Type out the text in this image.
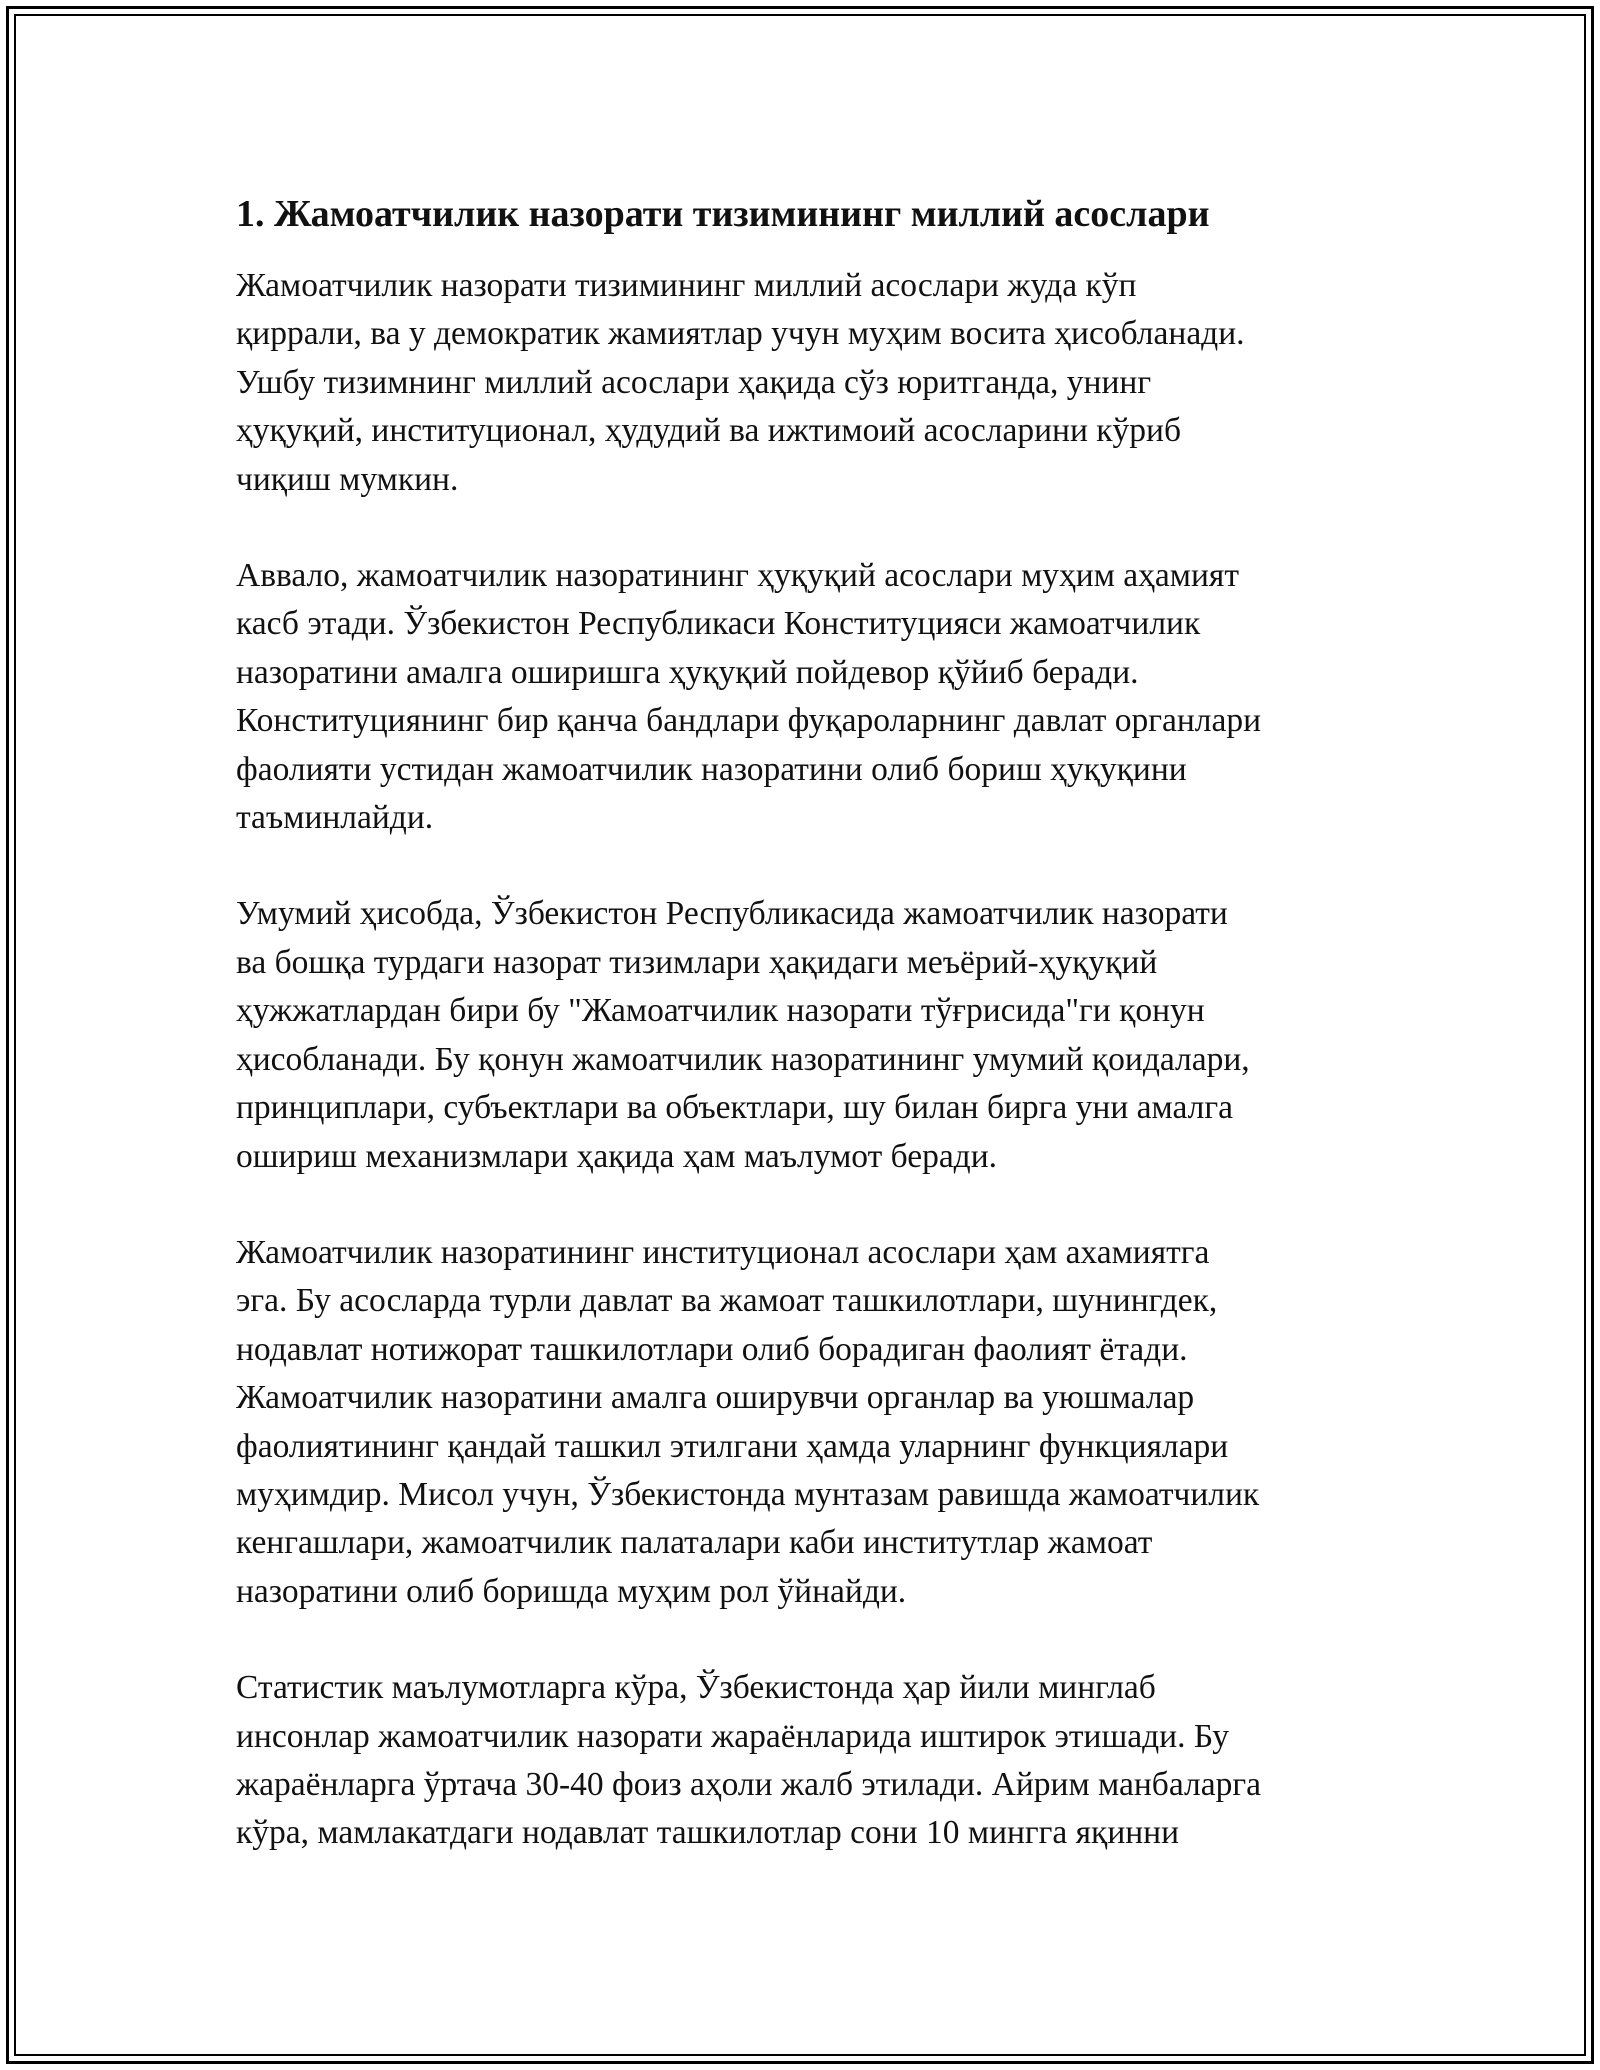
1. Жамоатчилик назорати тизимининг миллий асослари

Жамоатчилик назорати тизимининг миллий асослари жуда кўп
қиррали, ва у демократик жамиятлар учун муҳим восита ҳисобланади.
Ушбу тизимнинг миллий асослари ҳақида сўз юритганда, унинг
ҳуқуқий, институционал, ҳудудий ва ижтимоий асосларини кўриб
чиқиш мумкин.

Аввало, жамоатчилик назоратининг ҳуқуқий асослари муҳим аҳамият
касб этади. Ўзбекистон Республикаси Конституцияси жамоатчилик
назоратини амалга оширишга ҳуқуқий пойдевор қўйиб беради.
Конституциянинг бир қанча бандлари фуқароларнинг давлат органлари
фаолияти устидан жамоатчилик назоратини олиб бориш ҳуқуқини
таъминлайди.

Умумий ҳисобда, Ўзбекистон Республикасида жамоатчилик назорати
ва бошқа турдаги назорат тизимлари ҳақидаги меъёрий-ҳуқуқий
ҳужжатлардан бири бу "Жамоатчилик назорати тўғрисида"ги қонун
ҳисобланади. Бу қонун жамоатчилик назоратининг умумий қоидалари,
принциплари, субъектлари ва объектлари, шу билан бирга уни амалга
ошириш механизмлари ҳақида ҳам маълумот беради.

Жамоатчилик назоратининг институционал асослари ҳам ахамиятга
эга. Бу асосларда турли давлат ва жамоат ташкилотлари, шунингдек,
нодавлат нотижорат ташкилотлари олиб борадиган фаолият ётади.
Жамоатчилик назоратини амалга оширувчи органлар ва уюшмалар
фаолиятининг қандай ташкил этилгани ҳамда уларнинг функциялари
муҳимдир. Мисол учун, Ўзбекистонда мунтазам равишда жамоатчилик
кенгашлари, жамоатчилик палаталари каби институтлар жамоат
назоратини олиб боришда муҳим рол ўйнайди.

Статистик маълумотларга кўра, Ўзбекистонда ҳар йили минглаб
инсонлар жамоатчилик назорати жараёнларида иштирок этишади. Бу
жараёнларга ўртача 30-40 фоиз аҳоли жалб этилади. Айрим манбаларга
кўра, мамлакатдаги нодавлат ташкилотлар сони 10 мингга яқинни
